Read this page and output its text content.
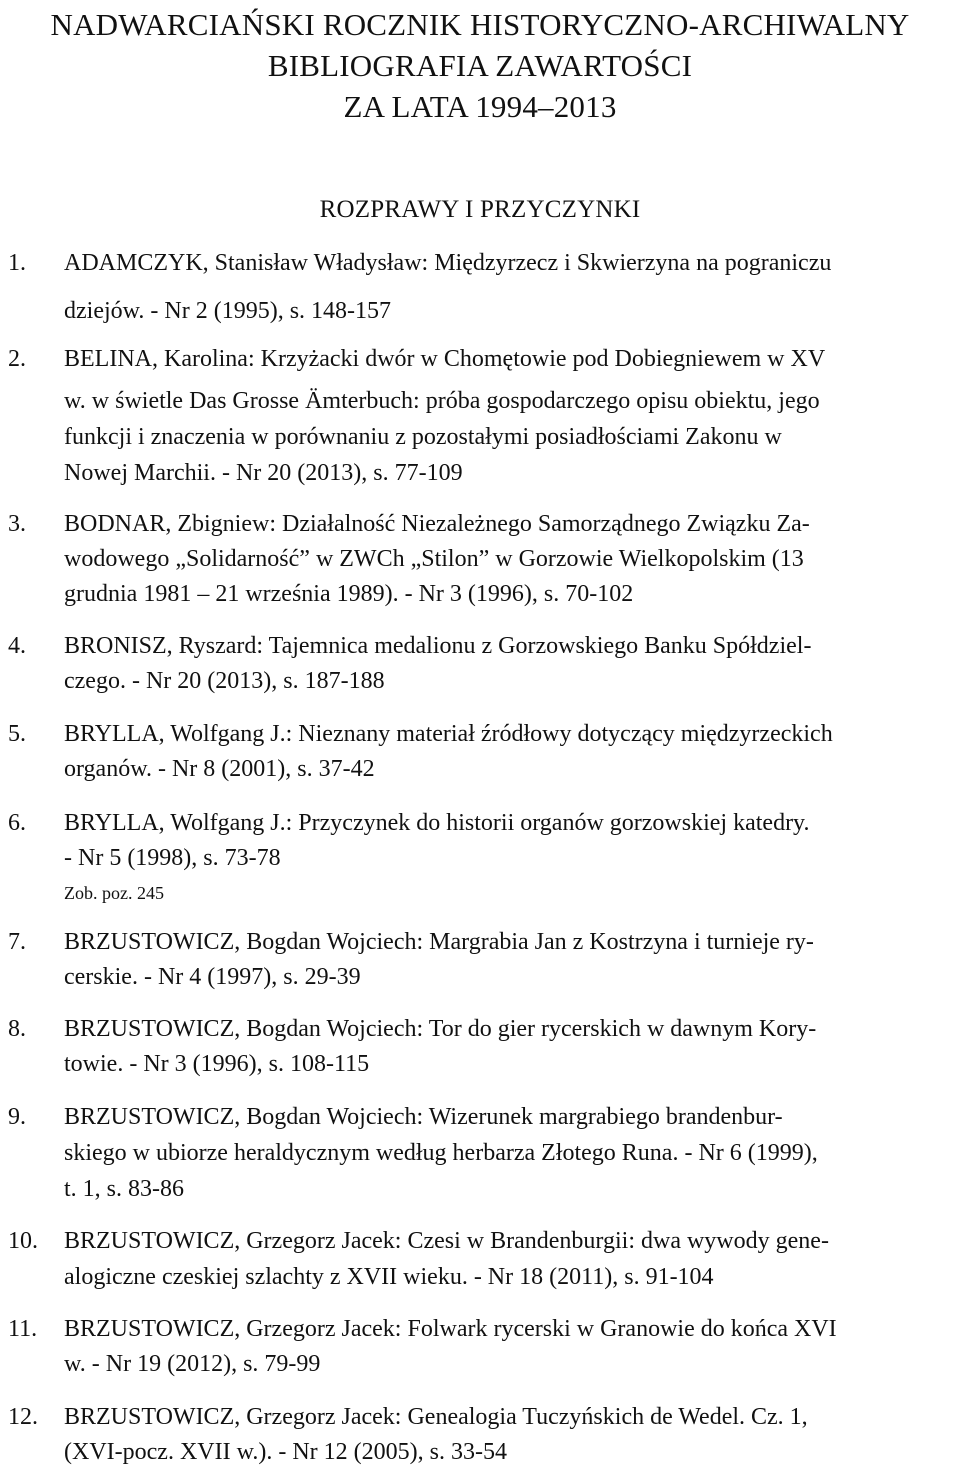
NADWARCIAŃSKI ROCZNIK HISTORYCZNO-ARCHIWALNY
BIBLIOGRAFIA ZAWARTOŚCI
ZA LATA 1994–2013
ROZPRAWY I PRZYCZYNKI
1. ADAMCZYK, Stanisław Władysław: Międzyrzecz i Skwierzyna na pograniczu
dziejów. - Nr 2 (1995), s. 148-157
2. BELINA, Karolina: Krzyżacki dwór w Chomętowie pod Dobiegniewem w XV
w. w świetle Das Grosse Ämterbuch: próba gospodarczego opisu obiektu, jego
funkcji i znaczenia w porównaniu z pozostałymi posiadłościami Zakonu w
Nowej Marchii. - Nr 20 (2013), s. 77-109
3. BODNAR, Zbigniew: Działalność Niezależnego Samorządnego Związku Za-
wodowego „Solidarność” w ZWCh „Stilon” w Gorzowie Wielkopolskim (13
grudnia 1981 – 21 września 1989). - Nr 3 (1996), s. 70-102
4. BRONISZ, Ryszard: Tajemnica medalionu z Gorzowskiego Banku Spółdziel-
czego. - Nr 20 (2013), s. 187-188
5. BRYLLA, Wolfgang J.: Nieznany materiał źródłowy dotyczący międzyrzeckich
organów. - Nr 8 (2001), s. 37-42
6. BRYLLA, Wolfgang J.: Przyczynek do historii organów gorzowskiej katedry.
- Nr 5 (1998), s. 73-78
Zob. poz. 245
7. BRZUSTOWICZ, Bogdan Wojciech: Margrabia Jan z Kostrzyna i turnieje ry-
cerskie. - Nr 4 (1997), s. 29-39
8. BRZUSTOWICZ, Bogdan Wojciech: Tor do gier rycerskich w dawnym Kory-
towie. - Nr 3 (1996), s. 108-115
9. BRZUSTOWICZ, Bogdan Wojciech: Wizerunek margrabiego brandenbur-
skiego w ubiorze heraldycznym według herbarza Złotego Runa. - Nr 6 (1999),
t. 1, s. 83-86
10. BRZUSTOWICZ, Grzegorz Jacek: Czesi w Brandenburgii: dwa wywody gene-
alogiczne czeskiej szlachty z XVII wieku. - Nr 18 (2011), s. 91-104
11. BRZUSTOWICZ, Grzegorz Jacek: Folwark rycerski w Granowie do końca XVI
w. - Nr 19 (2012), s. 79-99
12. BRZUSTOWICZ, Grzegorz Jacek: Genealogia Tuczyńskich de Wedel. Cz. 1,
(XVI-pocz. XVII w.). - Nr 12 (2005), s. 33-54
